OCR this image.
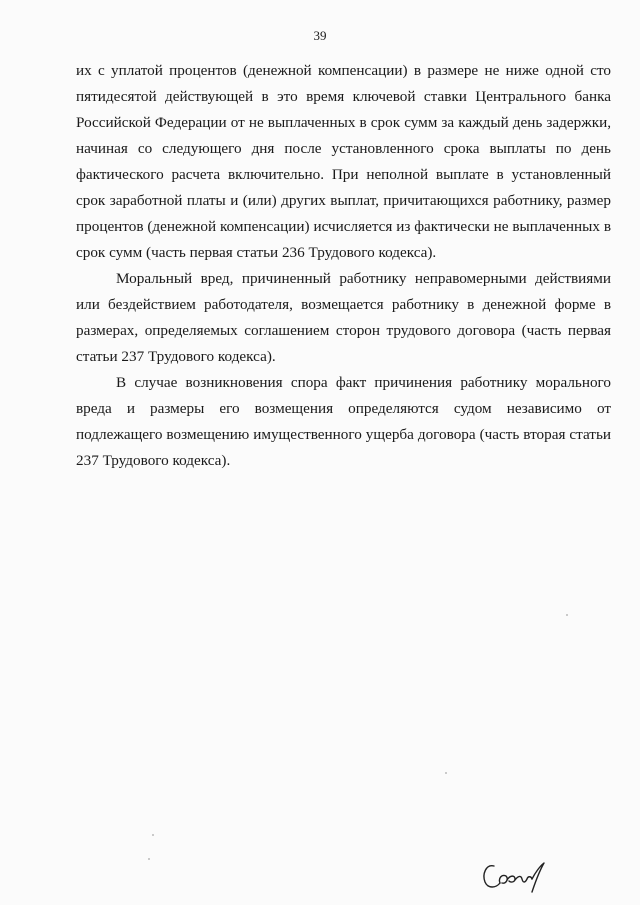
39

их с уплатой процентов (денежной компенсации) в размере не ниже одной сто пятидесятой действующей в это время ключевой ставки Центрального банка Российской Федерации от не выплаченных в срок сумм за каждый день задержки, начиная со следующего дня после установленного срока выплаты по день фактического расчета включительно. При неполной выплате в установленный срок заработной платы и (или) других выплат, причитающихся работнику, размер процентов (денежной компенсации) исчисляется из фактически не выплаченных в срок сумм (часть первая статьи 236 Трудового кодекса).

Моральный вред, причиненный работнику неправомерными действиями или бездействием работодателя, возмещается работнику в денежной форме в размерах, определяемых соглашением сторон трудового договора (часть первая статьи 237 Трудового кодекса).

В случае возникновения спора факт причинения работнику морального вреда и размеры его возмещения определяются судом независимо от подлежащего возмещению имущественного ущерба договора (часть вторая статьи 237 Трудового кодекса).
